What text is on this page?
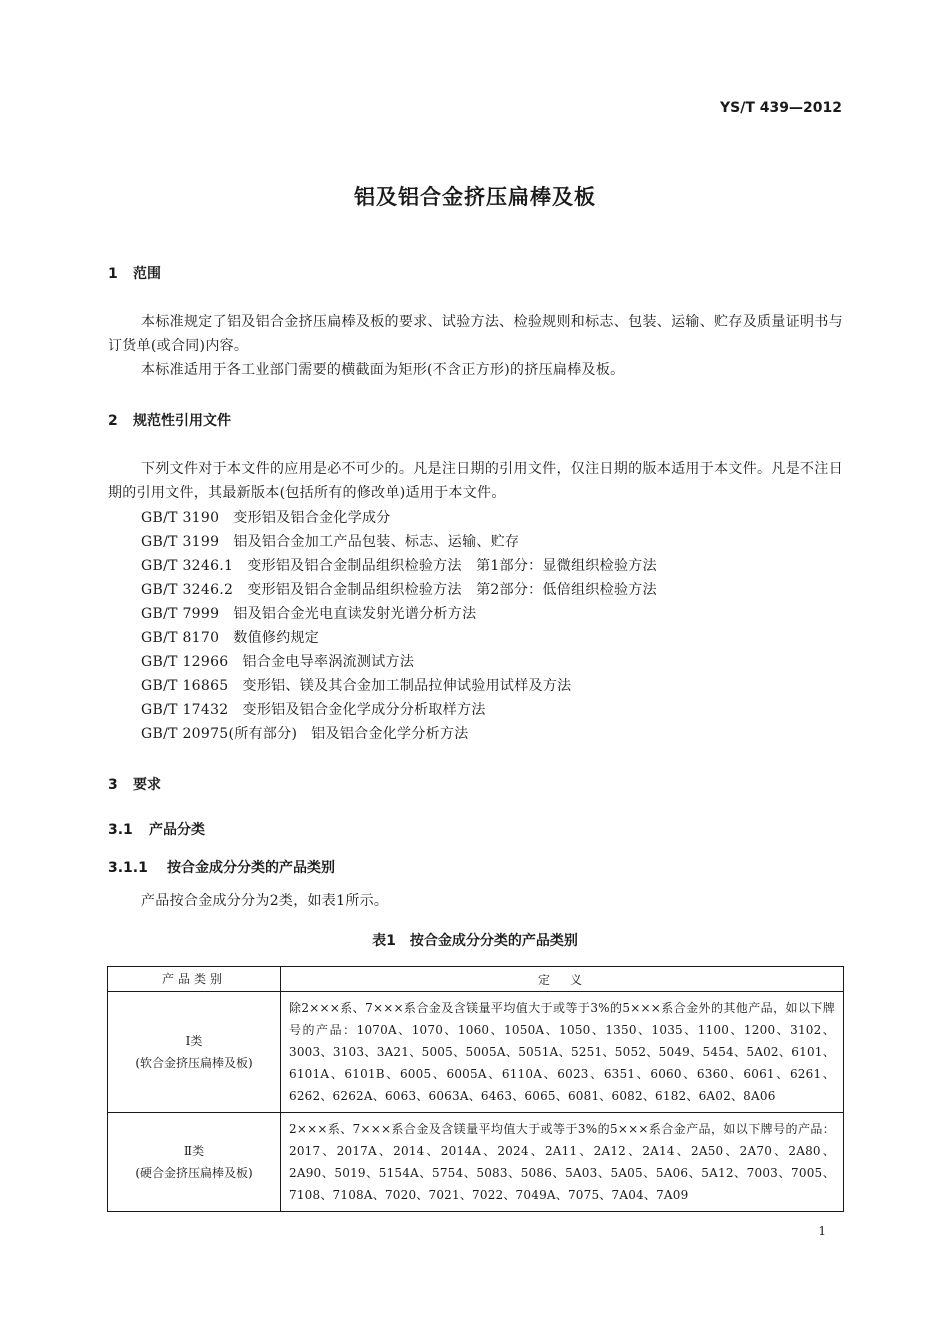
YS/T 439—2012
铝及铝合金挤压扁棒及板
1 范围
本标准规定了铝及铝合金挤压扁棒及板的要求、试验方法、检验规则和标志、包装、运输、贮存及质量证明书与订货单(或合同)内容。
本标准适用于各工业部门需要的横截面为矩形(不含正方形)的挤压扁棒及板。
2 规范性引用文件
下列文件对于本文件的应用是必不可少的。凡是注日期的引用文件，仅注日期的版本适用于本文件。凡是不注日期的引用文件，其最新版本(包括所有的修改单)适用于本文件。
GB/T 3190 变形铝及铝合金化学成分
GB/T 3199 铝及铝合金加工产品包装、标志、运输、贮存
GB/T 3246.1 变形铝及铝合金制品组织检验方法　第1部分：显微组织检验方法
GB/T 3246.2 变形铝及铝合金制品组织检验方法　第2部分：低倍组织检验方法
GB/T 7999 铝及铝合金光电直读发射光谱分析方法
GB/T 8170 数值修约规定
GB/T 12966 铝合金电导率涡流测试方法
GB/T 16865 变形铝、镁及其合金加工制品拉伸试验用试样及方法
GB/T 17432 变形铝及铝合金化学成分分析取样方法
GB/T 20975(所有部分) 铝及铝合金化学分析方法
3 要求
3.1 产品分类
3.1.1 按合金成分分类的产品类别
产品按合金成分分为2类，如表1所示。
表1　按合金成分分类的产品类别
产品类别	定　义

Ⅰ类
(软合金挤压扁棒及板)	除2×××系、7×××系合金及含镁量平均值大于或等于3%的5×××系合金外的其他产品，如以下牌号的产品：1070A、1070、1060、1050A、1050、1350、1035、1100、1200、3102、3003、3103、3A21、5005、5005A、5051A、5251、5052、5049、5454、5A02、6101、6101A、6101B、6005、6005A、6110A、6023、6351、6060、6360、6061、6261、6262、6262A、6063、6063A、6463、6065、6081、6082、6182、6A02、8A06

Ⅱ类
(硬合金挤压扁棒及板)	2×××系、7×××系合金及含镁量平均值大于或等于3%的5×××系合金产品，如以下牌号的产品：2017、2017A、2014、2014A、2024、2A11、2A12、2A14、2A50、2A70、2A80、2A90、5019、5154A、5754、5083、5086、5A03、5A05、5A06、5A12、7003、7005、7108、7108A、7020、7021、7022、7049A、7075、7A04、7A09
1
